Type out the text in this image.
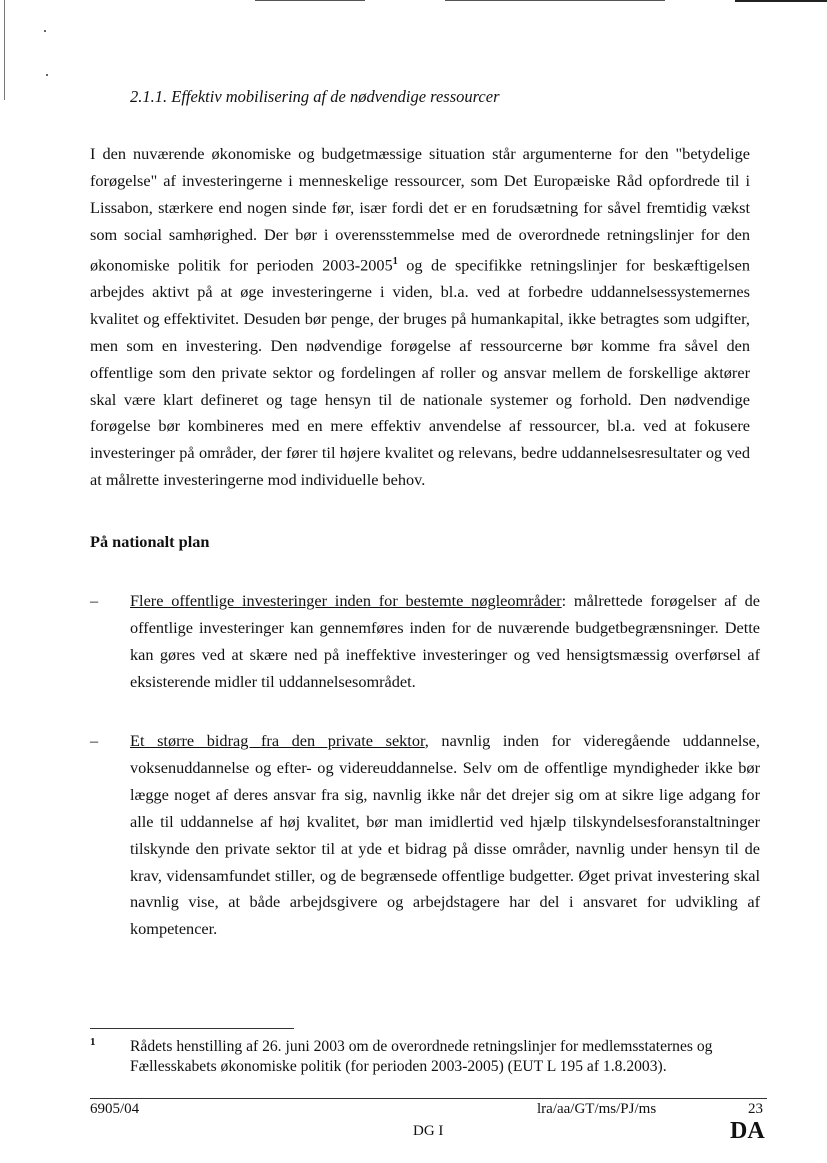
2.1.1. Effektiv mobilisering af de nødvendige ressourcer

I den nuværende økonomiske og budgetmæssige situation står argumenterne for den "betydelige forøgelse" af investeringerne i menneskelige ressourcer, som Det Europæiske Råd opfordrede til i Lissabon, stærkere end nogen sinde før, især fordi det er en forudsætning for såvel fremtidig vækst som social samhørighed. Der bør i overensstemmelse med de overordnede retningslinjer for den økonomiske politik for perioden 2003-2005$^1$ og de specifikke retningslinjer for beskæftigelsen arbejdes aktivt på at øge investeringerne i viden, bl.a. ved at forbedre uddannelsessystemernes kvalitet og effektivitet. Desuden bør penge, der bruges på humankapital, ikke betragtes som udgifter, men som en investering. Den nødvendige forøgelse af ressourcerne bør komme fra såvel den offentlige som den private sektor og fordelingen af roller og ansvar mellem de forskellige aktører skal være klart defineret og tage hensyn til de nationale systemer og forhold. Den nødvendige forøgelse bør kombineres med en mere effektiv anvendelse af ressourcer, bl.a. ved at fokusere investeringer på områder, der fører til højere kvalitet og relevans, bedre uddannelsesresultater og ved at målrette investeringerne mod individuelle behov.

På nationalt plan
– Flere offentlige investeringer inden for bestemte nøgleområder: målrettede forøgelser af de offentlige investeringer kan gennemføres inden for de nuværende budgetbegrænsninger. Dette kan gøres ved at skære ned på ineffektive investeringer og ved hensigtsmæssig overførsel af eksisterende midler til uddannelsesområdet.
– Et større bidrag fra den private sektor, navnlig inden for videregående uddannelse, voksenuddannelse og efter- og videreuddannelse. Selv om de offentlige myndigheder ikke bør lægge noget af deres ansvar fra sig, navnlig ikke når det drejer sig om at sikre lige adgang for alle til uddannelse af høj kvalitet, bør man imidlertid ved hjælp tilskyndelsesforanstaltninger tilskynde den private sektor til at yde et bidrag på disse områder, navnlig under hensyn til de krav, vidensamfundet stiller, og de begrænsede offentlige budgetter. Øget privat investering skal navnlig vise, at både arbejdsgivere og arbejdstagere har del i ansvaret for udvikling af kompetencer.
1 Rådets henstilling af 26. juni 2003 om de overordnede retningslinjer for medlemsstaternes og Fællesskabets økonomiske politik (for perioden 2003-2005) (EUT L 195 af 1.8.2003).
6905/04	lra/aa/GT/ms/PJ/ms	23
DG I	DA
